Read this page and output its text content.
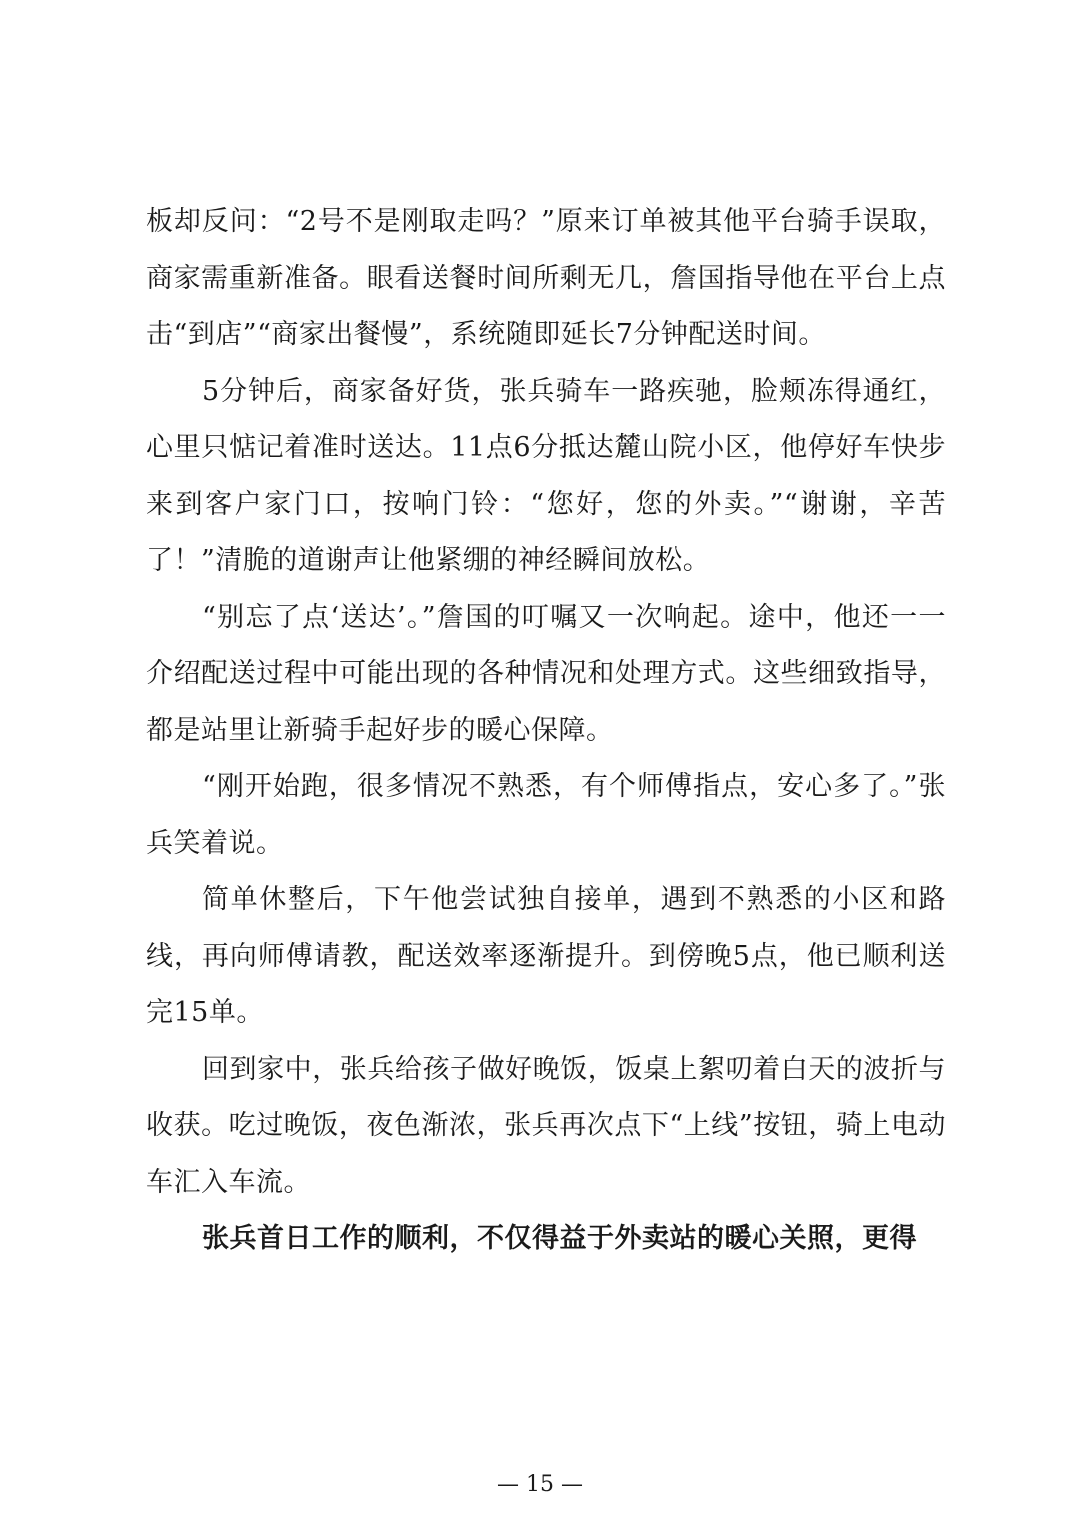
板却反问：“2号不是刚取走吗？”原来订单被其他平台骑手误取，商家需重新准备。眼看送餐时间所剩无几，詹国指导他在平台上点击“到店”“商家出餐慢”，系统随即延长7分钟配送时间。

5分钟后，商家备好货，张兵骑车一路疾驰，脸颊冻得通红，心里只惦记着准时送达。11点6分抵达麓山院小区，他停好车快步来到客户家门口，按响门铃：“您好，您的外卖。”“谢谢，辛苦了！”清脆的道谢声让他紧绷的神经瞬间放松。

“别忘了点‘送达’。”詹国的叮嘱又一次响起。途中，他还一一介绍配送过程中可能出现的各种情况和处理方式。这些细致指导，都是站里让新骑手起好步的暖心保障。

“刚开始跑，很多情况不熟悉，有个师傅指点，安心多了。”张兵笑着说。

简单休整后，下午他尝试独自接单，遇到不熟悉的小区和路线，再向师傅请教，配送效率逐渐提升。到傍晚5点，他已顺利送完15单。

回到家中，张兵给孩子做好晚饭，饭桌上絮叨着白天的波折与收获。吃过晚饭，夜色渐浓，张兵再次点下“上线”按钮，骑上电动车汇入车流。

张兵首日工作的顺利，不仅得益于外卖站的暖心关照，更得

— 15 —
